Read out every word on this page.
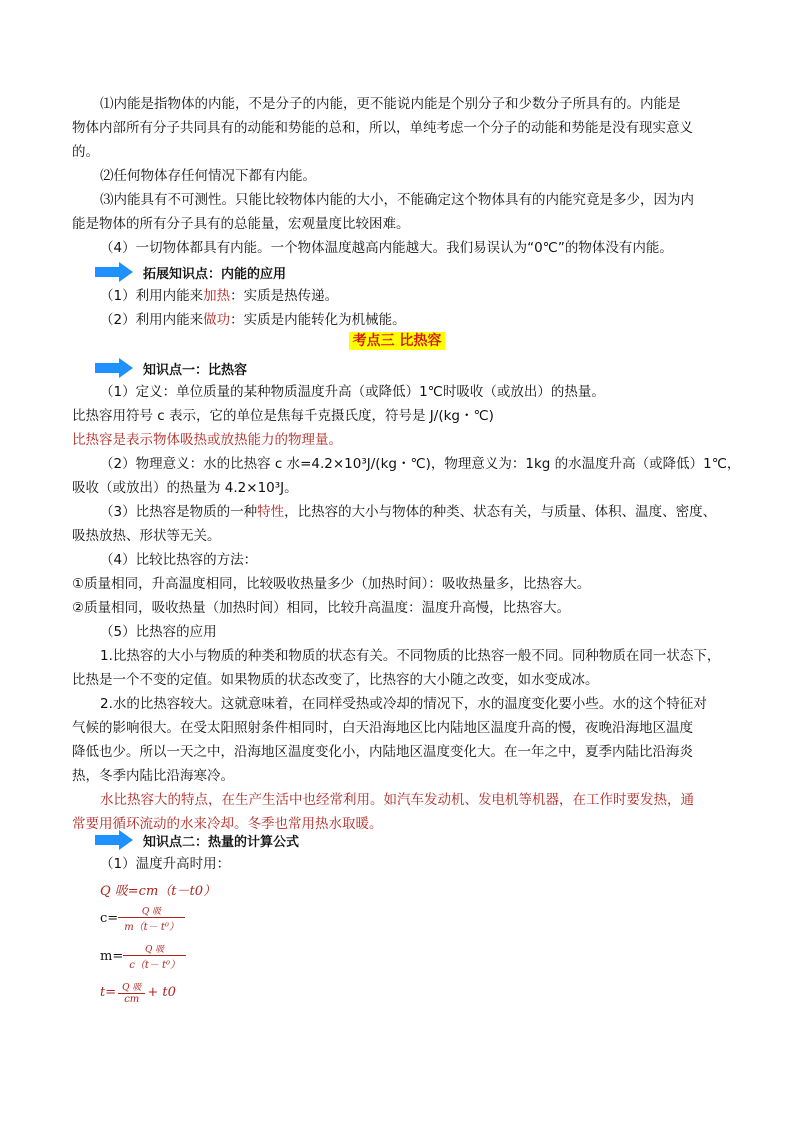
⑴内能是指物体的内能，不是分子的内能，更不能说内能是个别分子和少数分子所具有的。内能是
物体内部所有分子共同具有的动能和势能的总和，所以，单纯考虑一个分子的动能和势能是没有现实意义
的。
⑵任何物体存任何情况下都有内能。
⑶内能具有不可测性。只能比较物体内能的大小，不能确定这个物体具有的内能究竟是多少，因为内
能是物体的所有分子具有的总能量，宏观量度比较困难。
（4）一切物体都具有内能。一个物体温度越高内能越大。我们易误认为“0℃”的物体没有内能。
拓展知识点：内能的应用
（1）利用内能来加热：实质是热传递。
（2）利用内能来做功：实质是内能转化为机械能。
考点三 比热容
知识点一：比热容
（1）定义：单位质量的某种物质温度升高（或降低）1℃时吸收（或放出）的热量。
比热容用符号 c 表示，它的单位是焦每千克摄氏度，符号是 J/(kg・℃)
比热容是表示物体吸热或放热能力的物理量。
（2）物理意义：水的比热容 c 水=4.2×10³J/(kg・℃)，物理意义为：1kg 的水温度升高（或降低）1℃，
吸收（或放出）的热量为 4.2×10³J。
（3）比热容是物质的一种特性，比热容的大小与物体的种类、状态有关，与质量、体积、温度、密度、
吸热放热、形状等无关。
（4）比较比热容的方法：
①质量相同，升高温度相同，比较吸收热量多少（加热时间）：吸收热量多，比热容大。
②质量相同，吸收热量（加热时间）相同，比较升高温度：温度升高慢，比热容大。
（5）比热容的应用
1.比热容的大小与物质的种类和物质的状态有关。不同物质的比热容一般不同。同种物质在同一状态下，
比热是一个不变的定值。如果物质的状态改变了，比热容的大小随之改变，如水变成冰。
2.水的比热容较大。这就意味着，在同样受热或冷却的情况下，水的温度变化要小些。水的这个特征对
气候的影响很大。在受太阳照射条件相同时，白天沿海地区比内陆地区温度升高的慢，夜晚沿海地区温度
降低也少。所以一天之中，沿海地区温度变化小，内陆地区温度变化大。在一年之中，夏季内陆比沿海炎
热，冬季内陆比沿海寒冷。
水比热容大的特点，在生产生活中也经常利用。如汽车发动机、发电机等机器，在工作时要发热，通
常要用循环流动的水来冷却。冬季也常用热水取暖。
知识点二：热量的计算公式
（1）温度升高时用：
Q 吸=cm（t－t0）
$c= \frac{\text{Q 吸}}{\text{m（t－ t⁰）}}$
$m= \frac{\text{Q 吸}}{\text{c（t－ t⁰）}}$
$t= \frac{\text{Q 吸}}{cm} + t0$
